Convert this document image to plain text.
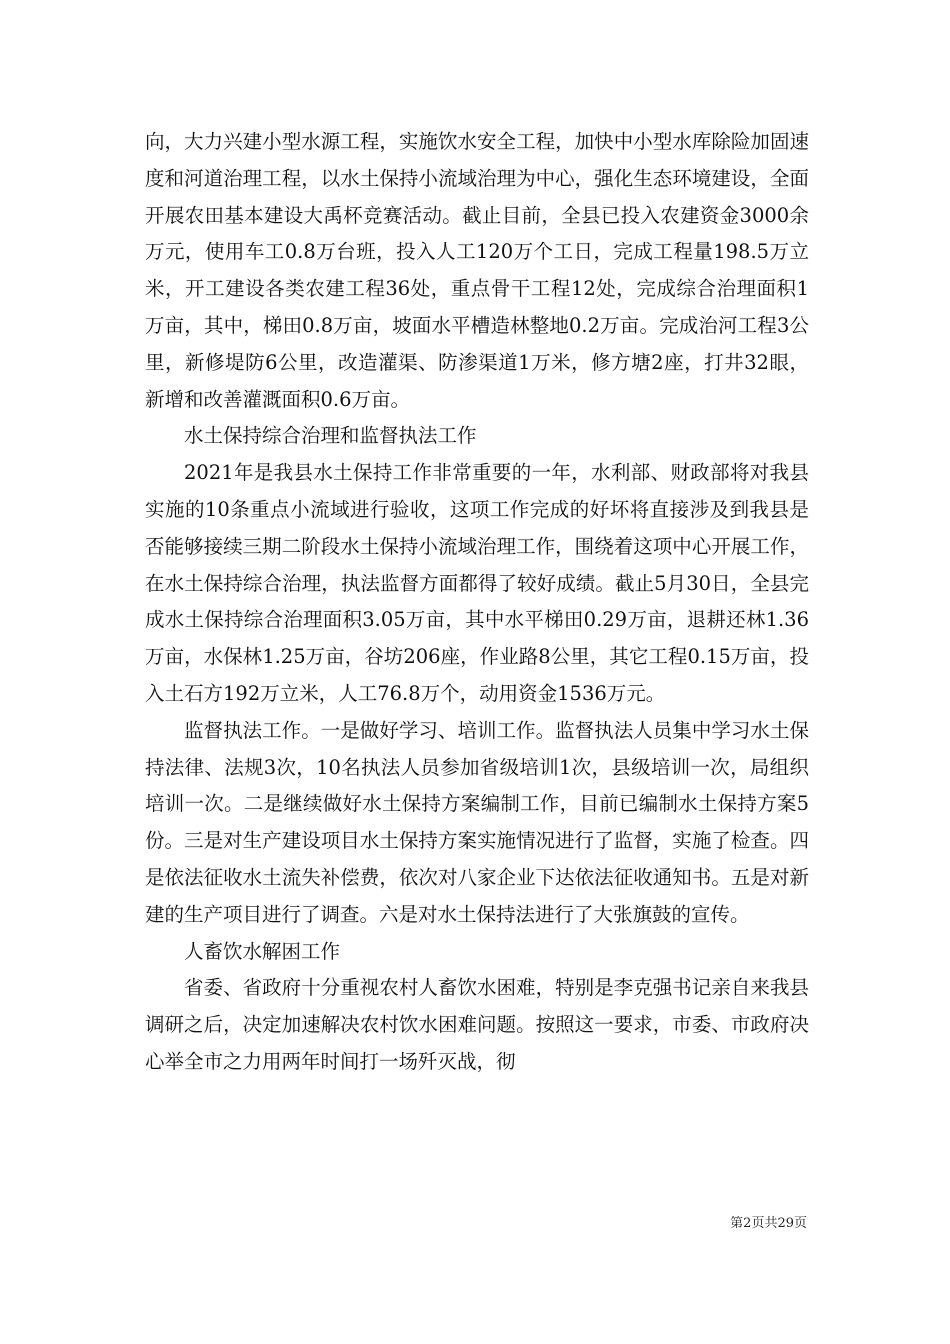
向，大力兴建小型水源工程，实施饮水安全工程，加快中小型水库除险加固速度和河道治理工程，以水土保持小流域治理为中心，强化生态环境建设，全面开展农田基本建设大禹杯竞赛活动。截止目前，全县已投入农建资金3000余万元，使用车工0.8万台班，投入人工120万个工日，完成工程量198.5万立米，开工建设各类农建工程36处，重点骨干工程12处，完成综合治理面积1万亩，其中，梯田0.8万亩，坡面水平槽造林整地0.2万亩。完成治河工程3公里，新修堤防6公里，改造灌渠、防渗渠道1万米，修方塘2座，打井32眼，新增和改善灌溉面积0.6万亩。

水土保持综合治理和监督执法工作

2021年是我县水土保持工作非常重要的一年，水利部、财政部将对我县实施的10条重点小流域进行验收，这项工作完成的好坏将直接涉及到我县是否能够接续三期二阶段水土保持小流域治理工作，围绕着这项中心开展工作，在水土保持综合治理，执法监督方面都得了较好成绩。截止5月30日，全县完成水土保持综合治理面积3.05万亩，其中水平梯田0.29万亩，退耕还林1.36万亩，水保林1.25万亩，谷坊206座，作业路8公里，其它工程0.15万亩，投入土石方192万立米，人工76.8万个，动用资金1536万元。

监督执法工作。一是做好学习、培训工作。监督执法人员集中学习水土保持法律、法规3次，10名执法人员参加省级培训1次，县级培训一次，局组织培训一次。二是继续做好水土保持方案编制工作，目前已编制水土保持方案5份。三是对生产建设项目水土保持方案实施情况进行了监督，实施了检查。四是依法征收水土流失补偿费，依次对八家企业下达依法征收通知书。五是对新建的生产项目进行了调查。六是对水土保持法进行了大张旗鼓的宣传。

人畜饮水解困工作

省委、省政府十分重视农村人畜饮水困难，特别是李克强书记亲自来我县调研之后，决定加速解决农村饮水困难问题。按照这一要求，市委、市政府决心举全市之力用两年时间打一场歼灭战，彻

第2页共29页
